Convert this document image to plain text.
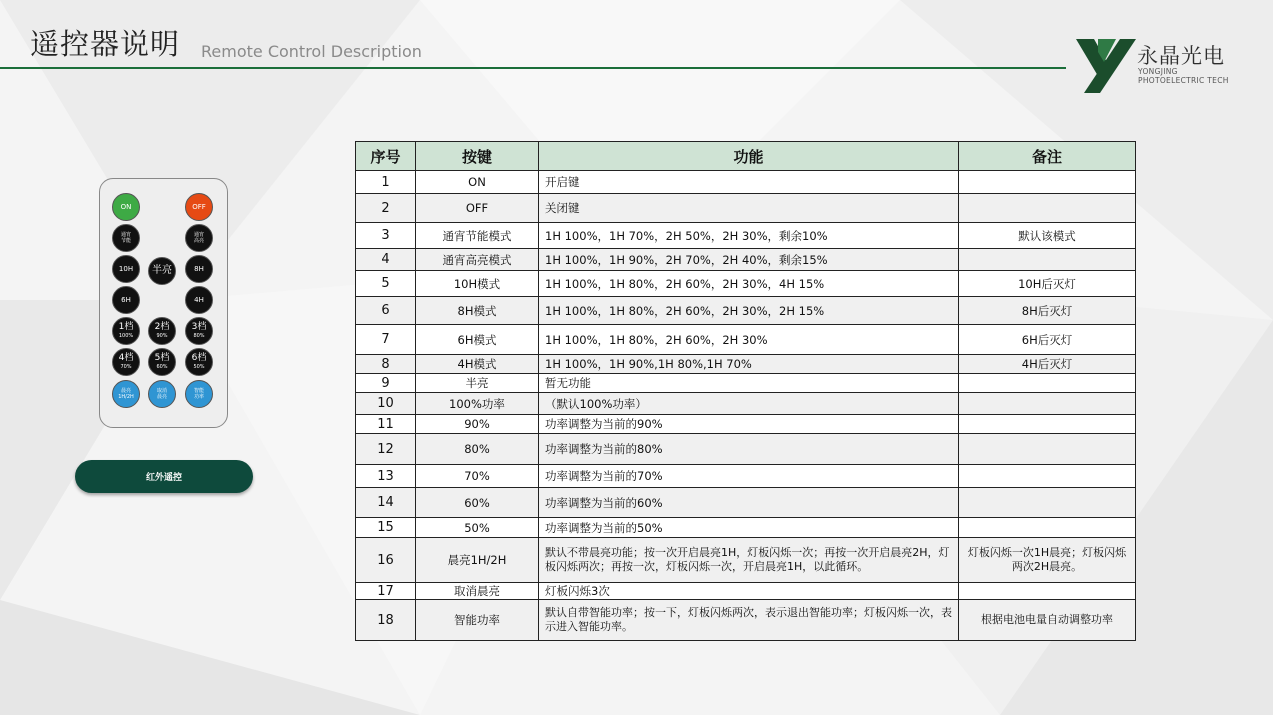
遥控器说明 Remote Control Description	永晶光电
YONGJING
PHOTOELECTRIC TECH
ON	OFF
通宵
节能
通宵
高亮
10H	半亮	8H
6H	4H
1档
100%
2档
90%
3档
80%
4档
70%
5档
60%
6档
50%
晨亮
1H/2H
取消
晨亮
智能
功率
红外遥控
序号	按键	功能	备注
1	ON	开启键	
2	OFF	关闭键	
3	通宵节能模式	1H 100%，1H 70%，2H 50%，2H 30%，剩余10%	默认该模式
4	通宵高亮模式	1H 100%，1H 90%，2H 70%，2H 40%，剩余15%	
5	10H模式	1H 100%，1H 80%，2H 60%，2H 30%，4H 15%	10H后灭灯
6	8H模式	1H 100%，1H 80%，2H 60%，2H 30%，2H 15%	8H后灭灯
7	6H模式	1H 100%，1H 80%，2H 60%，2H 30%	6H后灭灯
8	4H模式	1H 100%，1H 90%,1H 80%,1H 70%	4H后灭灯
9	半亮	暂无功能	
10	100%功率	（默认100%功率）	
11	90%	功率调整为当前的90%	
12	80%	功率调整为当前的80%	
13	70%	功率调整为当前的70%	
14	60%	功率调整为当前的60%	
15	50%	功率调整为当前的50%	
16	晨亮1H/2H	默认不带晨亮功能；按一次开启晨亮1H，灯板闪烁一次；再按一次开启晨亮2H，灯板闪烁两次；再按一次，灯板闪烁一次，开启晨亮1H，以此循环。	灯板闪烁一次1H晨亮；灯板闪烁两次2H晨亮。
17	取消晨亮	灯板闪烁3次	
18	智能功率	默认自带智能功率；按一下，灯板闪烁两次，表示退出智能功率；灯板闪烁一次，表示进入智能功率。	根据电池电量自动调整功率
